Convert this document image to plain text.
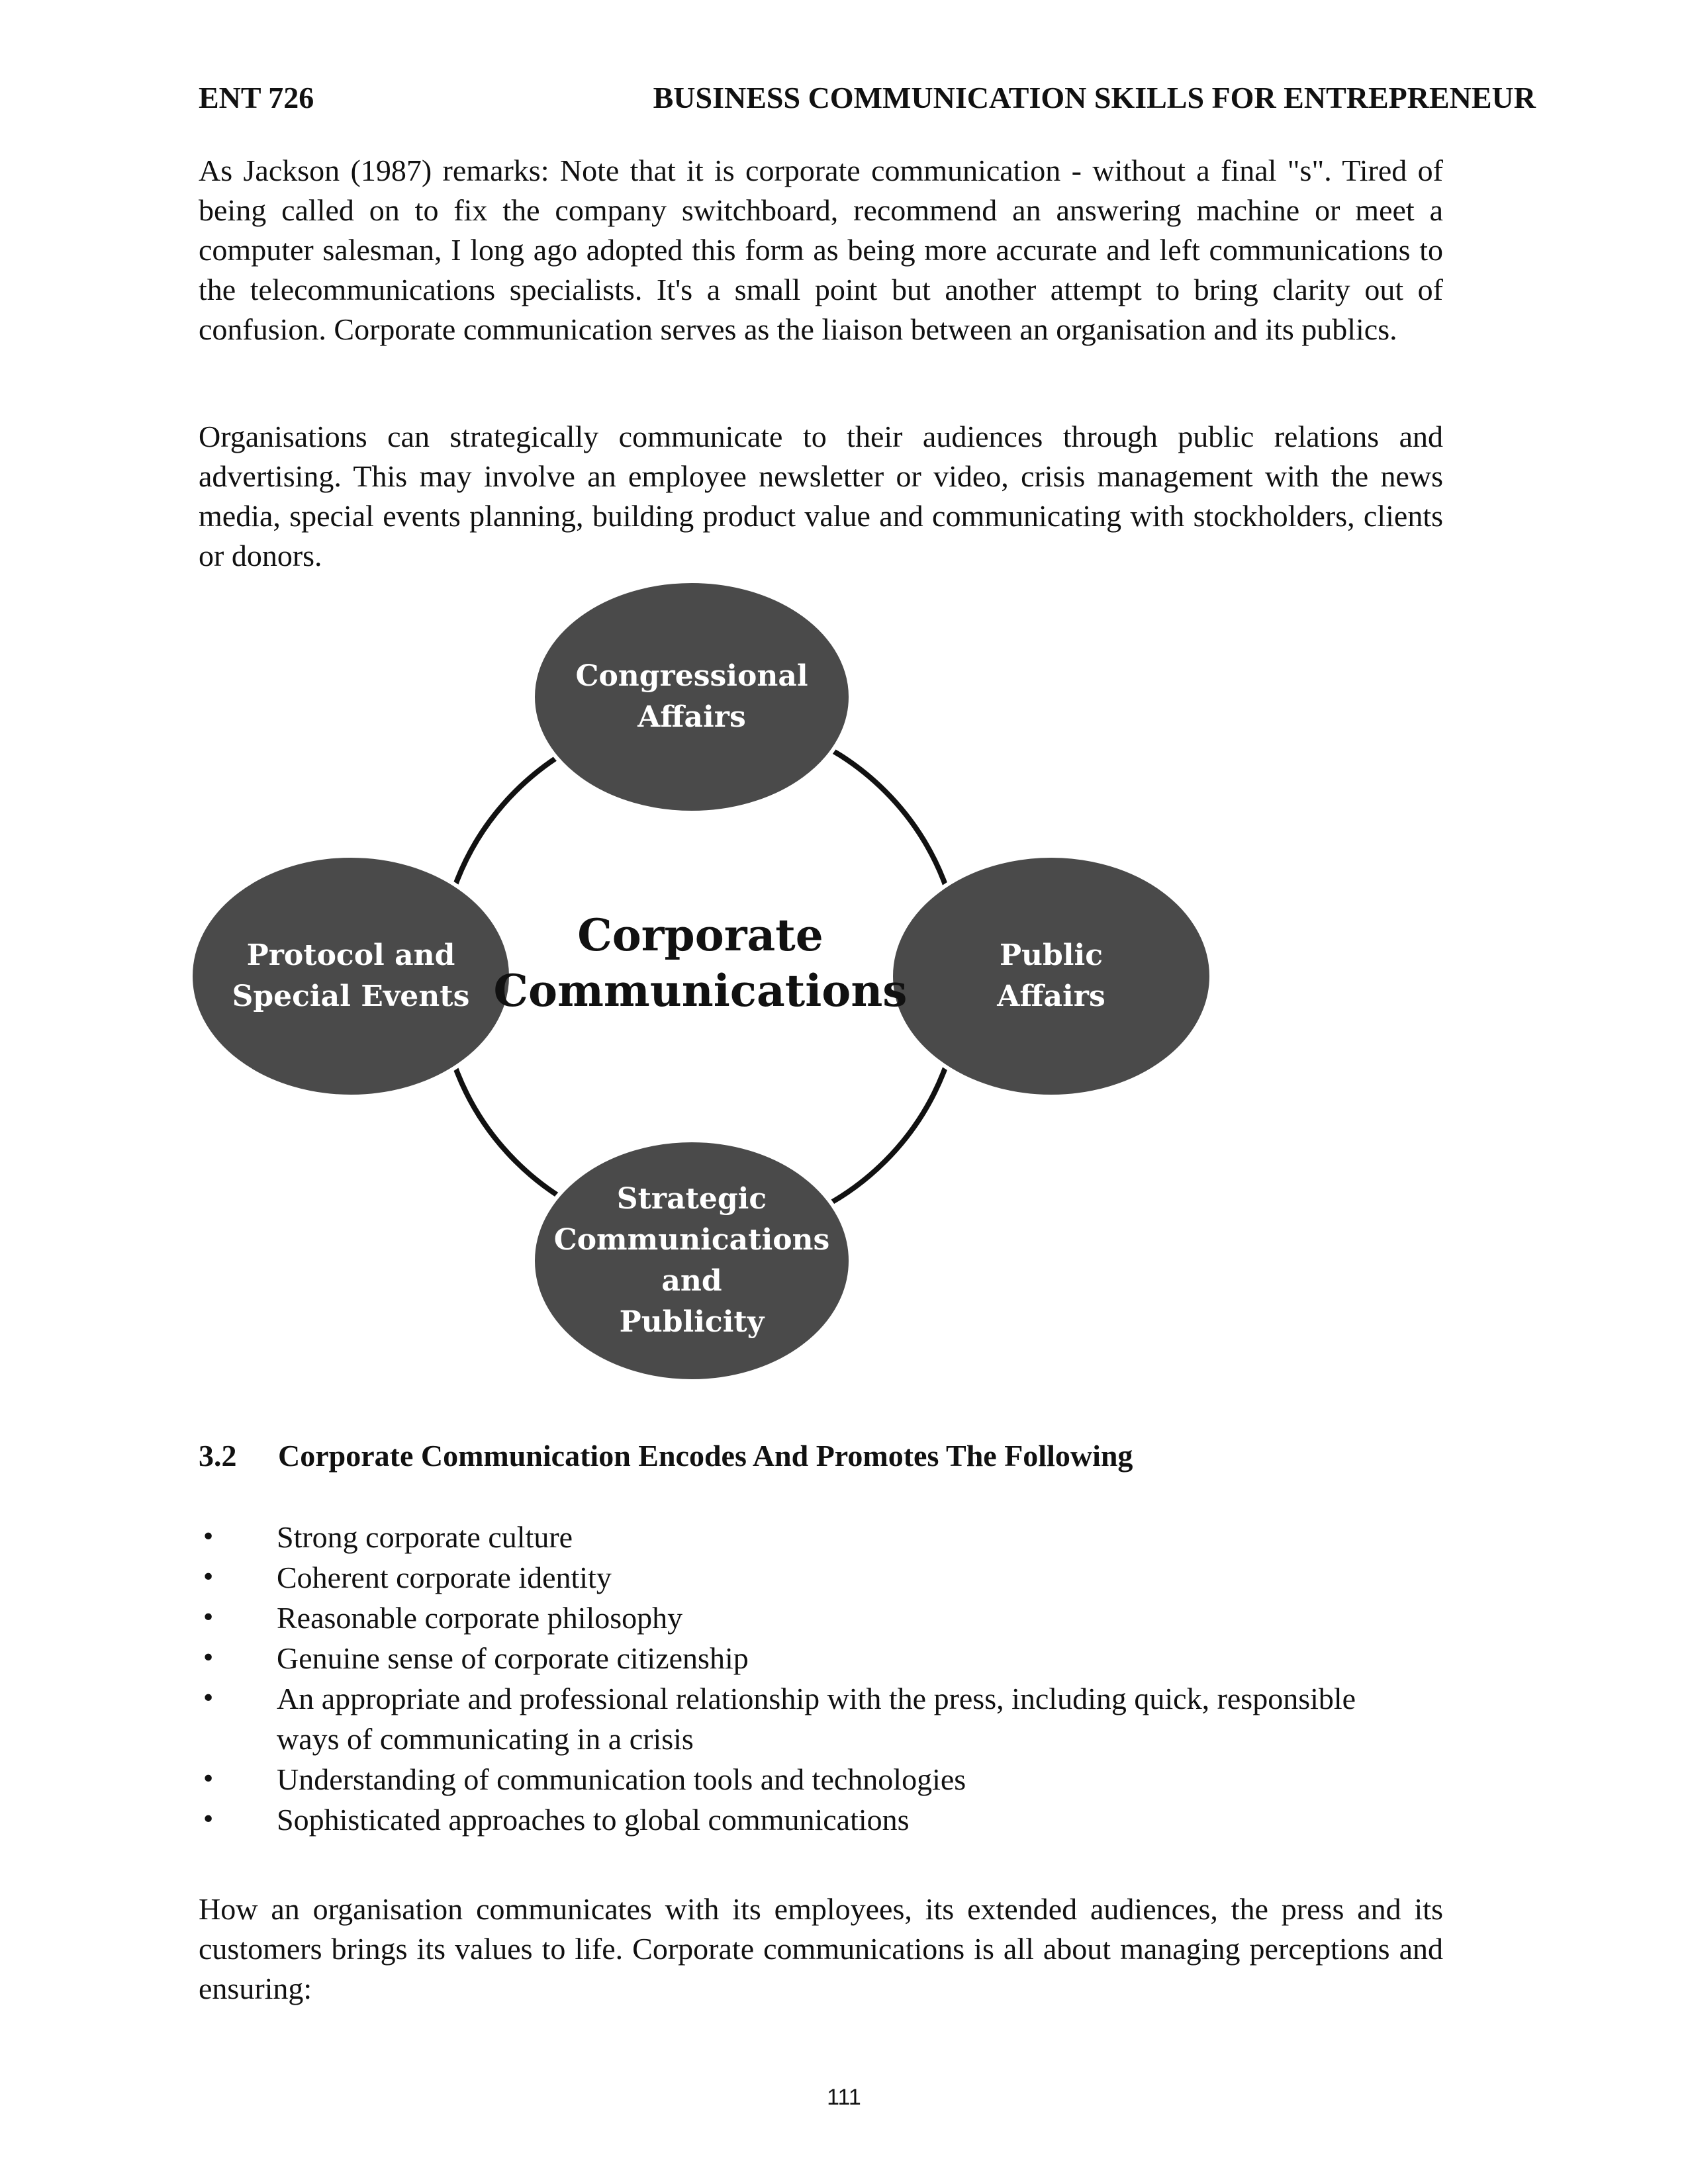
ENT 726	BUSINESS COMMUNICATION SKILLS FOR ENTREPRENEUR

As Jackson (1987) remarks: Note that it is corporate communication - without a final "s". Tired of being called on to fix the company switchboard, recommend an answering machine or meet a computer salesman, I long ago adopted this form as being more accurate and left communications to the telecommunications specialists. It's a small point but another attempt to bring clarity out of confusion. Corporate communication serves as the liaison between an organisation and its publics.

Organisations can strategically communicate to their audiences through public relations and advertising. This may involve an employee newsletter or video, crisis management with the news media, special events planning, building product value and communicating with stockholders, clients or donors.

Corporate
Communications
Congressional
Affairs
Public Affairs
Strategic
Communications
and
Publicity
Protocol and
Special Events
3.2 Corporate Communication Encodes And Promotes The Following
• Strong corporate culture
• Coherent corporate identity
• Reasonable corporate philosophy
• Genuine sense of corporate citizenship
• An appropriate and professional relationship with the press, including quick, responsible ways of communicating in a crisis
• Understanding of communication tools and technologies
• Sophisticated approaches to global communications

How an organisation communicates with its employees, its extended audiences, the press and its customers brings its values to life. Corporate communications is all about managing perceptions and ensuring:

111
